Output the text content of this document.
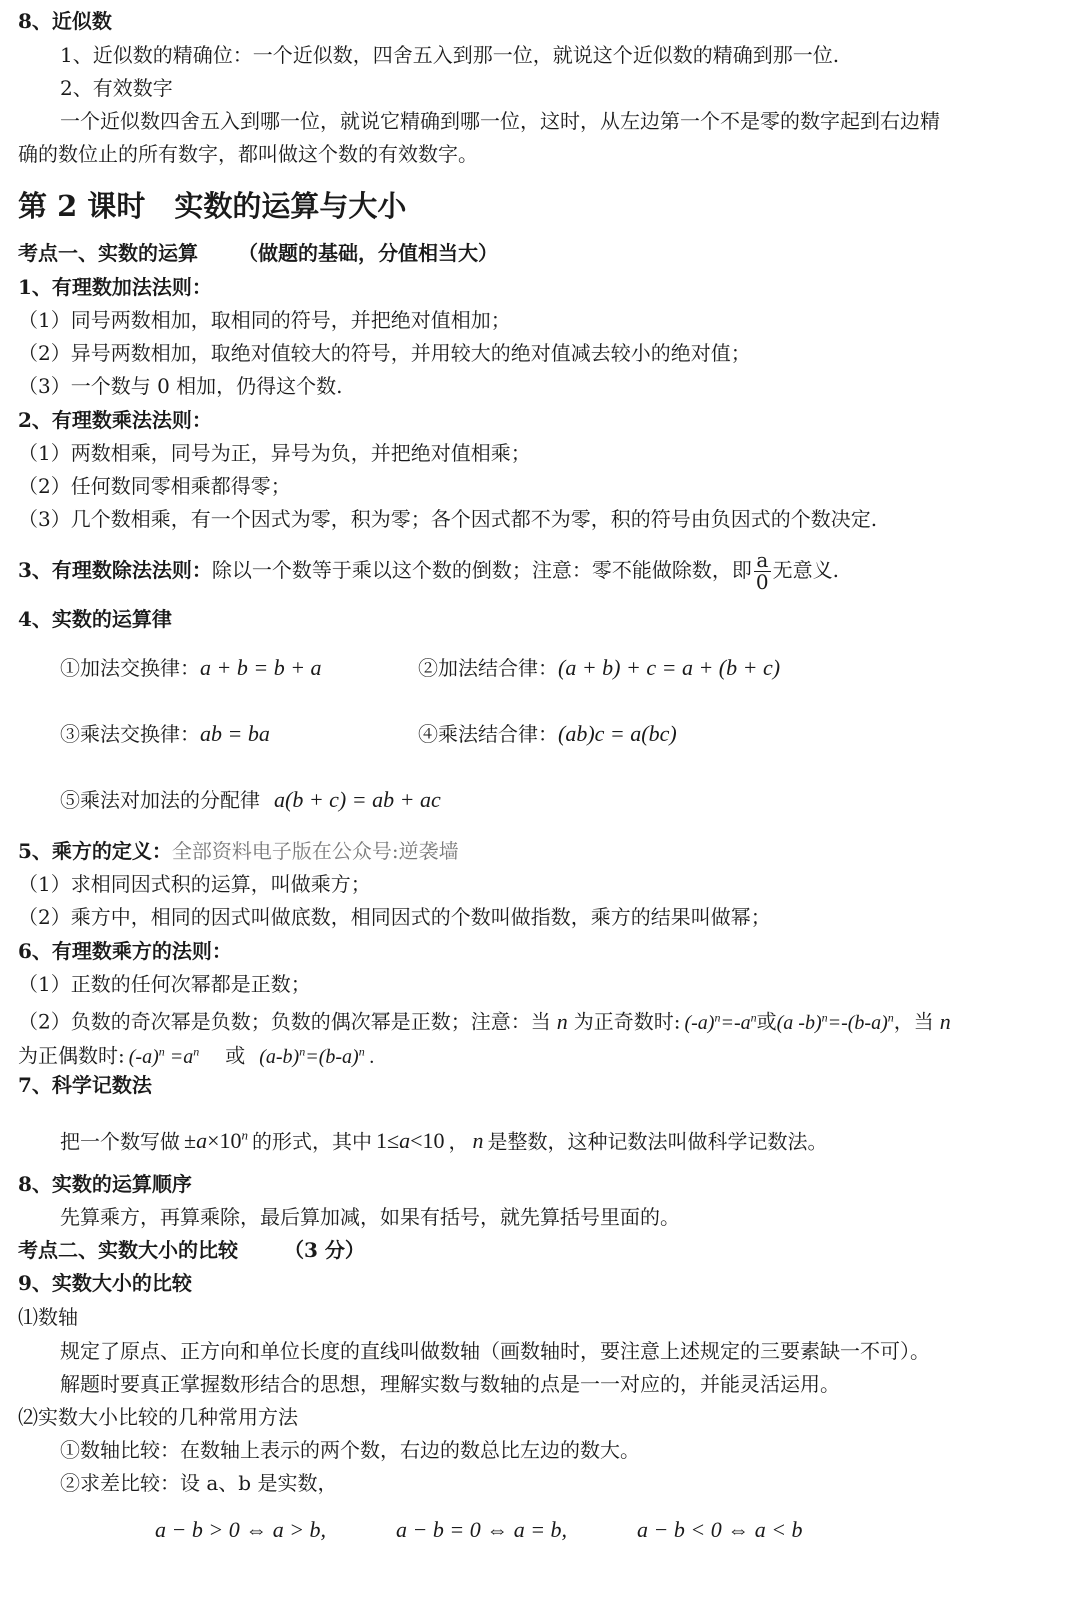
8、近似数
1、近似数的精确位：一个近似数，四舍五入到那一位，就说这个近似数的精确到那一位.
2、有效数字
一个近似数四舍五入到哪一位，就说它精确到哪一位，这时，从左边第一个不是零的数字起到右边精
确的数位止的所有数字，都叫做这个数的有效数字。
第 2 课时　实数的运算与大小
考点一、实数的运算 （做题的基础，分值相当大）
1、有理数加法法则：
（1）同号两数相加，取相同的符号，并把绝对值相加；
（2）异号两数相加，取绝对值较大的符号，并用较大的绝对值减去较小的绝对值；
（3）一个数与 0 相加，仍得这个数.
2、有理数乘法法则：
（1）两数相乘，同号为正，异号为负，并把绝对值相乘；
（2）任何数同零相乘都得零；
（3）几个数相乘，有一个因式为零，积为零；各个因式都不为零，积的符号由负因式的个数决定.
3、有理数除法法则：除以一个数等于乘以这个数的倒数；注意：零不能做除数，即 $\frac{a}{0}$ 无意义.
4、实数的运算律
①加法交换律：a + b = b + a	②加法结合律：(a + b) + c = a + (b + c)
③乘法交换律：ab = ba	④乘法结合律：(ab)c = a(bc)
⑤乘法对加法的分配律 a(b + c) = ab + ac
5、乘方的定义：全部资料电子版在公众号:逆袭墙
（1）求相同因式积的运算，叫做乘方；
（2）乘方中，相同的因式叫做底数，相同因式的个数叫做指数，乘方的结果叫做幂；
6、有理数乘方的法则：
（1）正数的任何次幂都是正数；
（2）负数的奇次幂是负数；负数的偶次幂是正数；注意：当 n 为正奇数时: $(-a)^n=-a^n$或(a $-b)^n=-(b-a)^n$，当 n
为正偶数时: $(-a)^n =a^n$ 或 $(a-b)^n=(b-a)^n$ .
7、科学记数法
把一个数写做 $\pm a\times 10^n$ 的形式，其中 1≤a<10 ， n 是整数，这种记数法叫做科学记数法。
8、实数的运算顺序
先算乘方，再算乘除，最后算加减，如果有括号，就先算括号里面的。
考点二、实数大小的比较 （3 分）
9、实数大小的比较
⑴数轴
规定了原点、正方向和单位长度的直线叫做数轴（画数轴时，要注意上述规定的三要素缺一不可）。
解题时要真正掌握数形结合的思想，理解实数与数轴的点是一一对应的，并能灵活运用。
⑵实数大小比较的几种常用方法
①数轴比较：在数轴上表示的两个数，右边的数总比左边的数大。
②求差比较：设 a、b 是实数，
a − b > 0 ⇔ a > b,	a − b = 0 ⇔ a = b,	a − b < 0 ⇔ a < b
